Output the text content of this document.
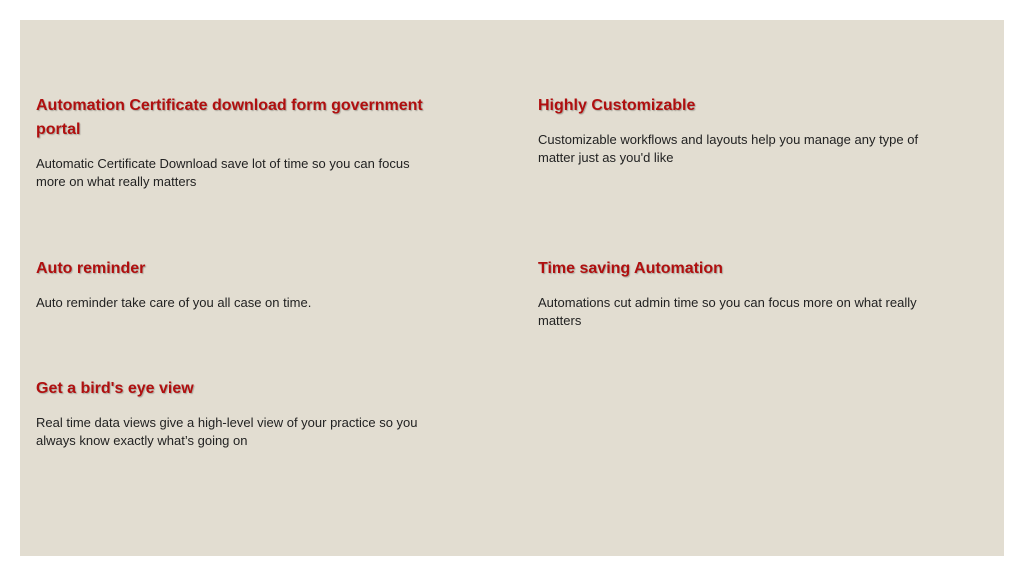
Automation Certificate download form government portal

Automatic Certificate Download save lot of time so you can focus more on what really matters

Highly Customizable

Customizable workflows and layouts help you manage any type of matter just as you'd like

Auto reminder

Auto reminder take care of you all case on time.

Time saving Automation

Automations cut admin time so you can focus more on what really matters

Get a bird's eye view

Real time data views give a high-level view of your practice so you always know exactly what’s going on
